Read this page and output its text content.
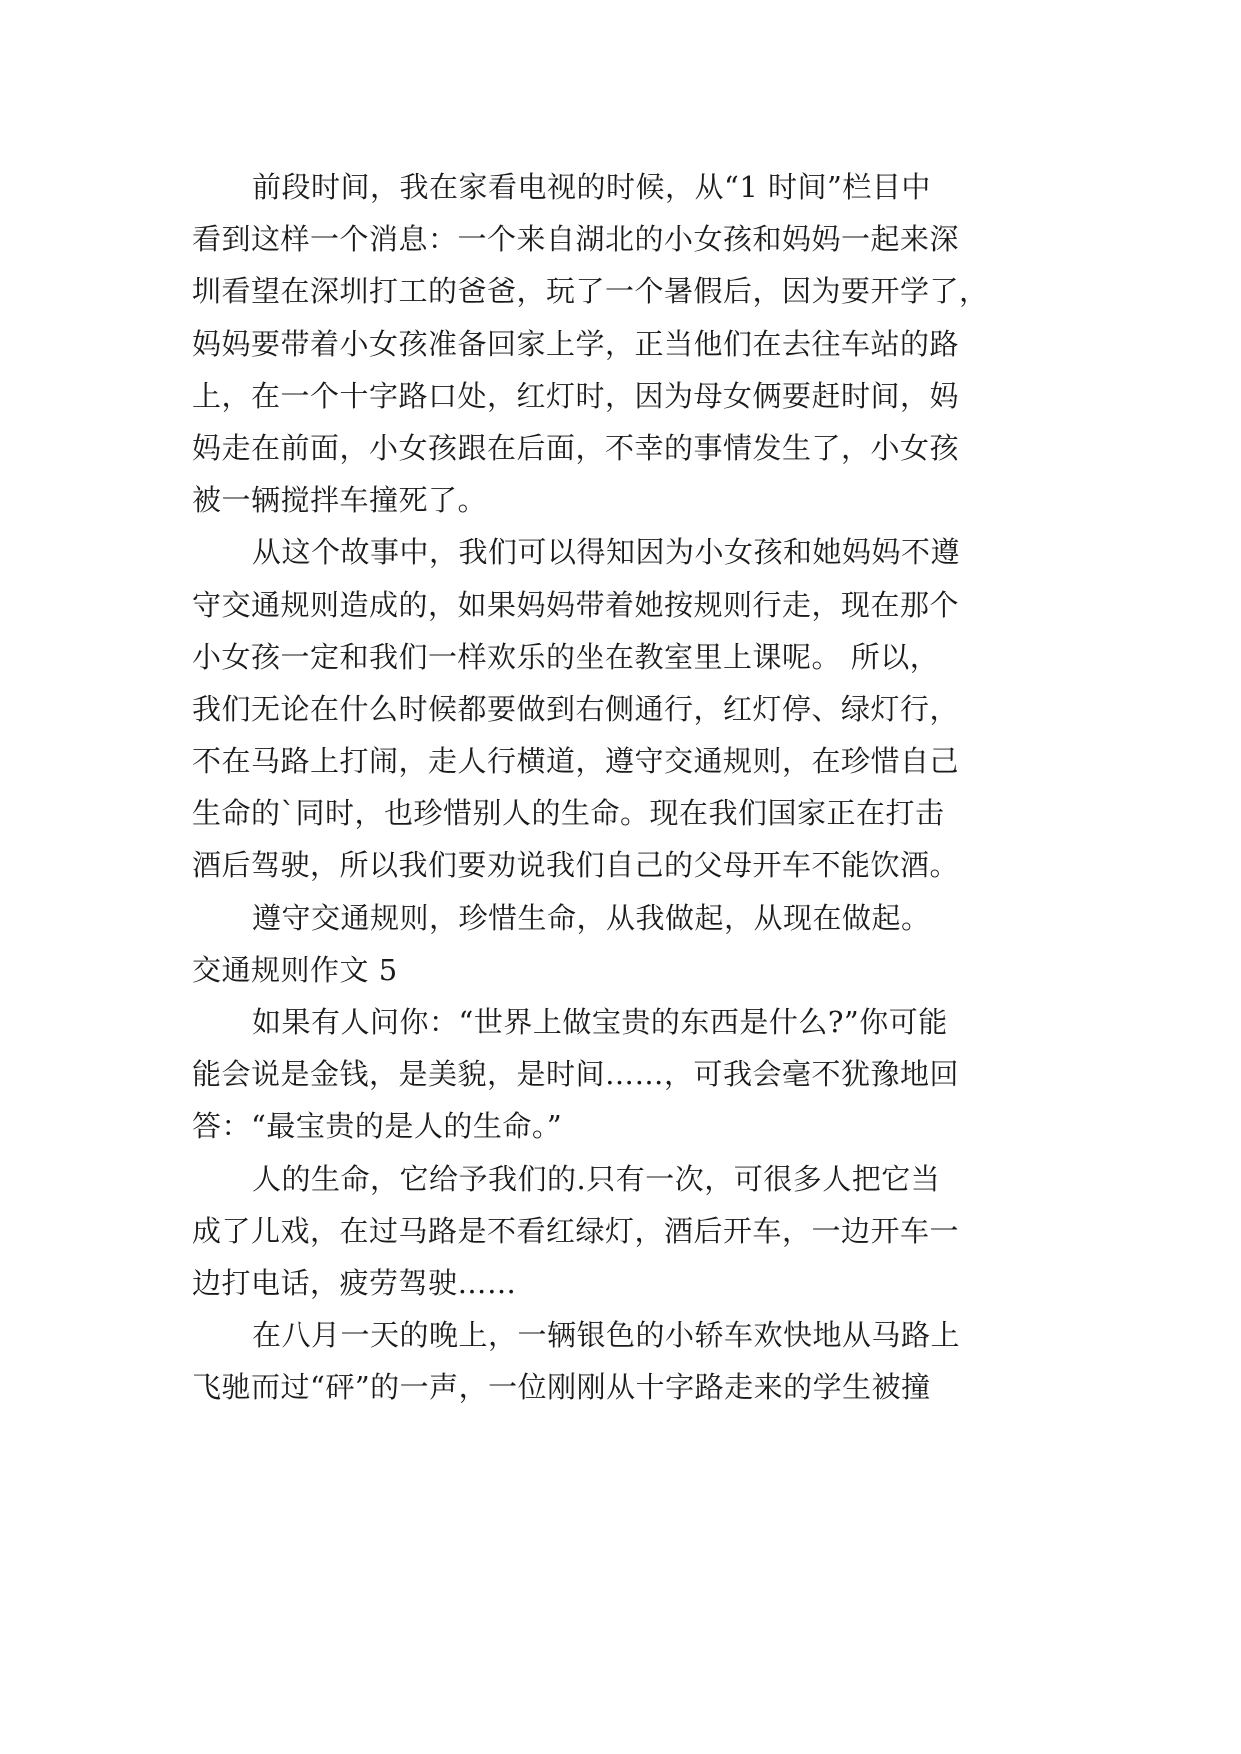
前段时间，我在家看电视的时候，从“1 时间”栏目中
看到这样一个消息：一个来自湖北的小女孩和妈妈一起来深
圳看望在深圳打工的爸爸，玩了一个暑假后，因为要开学了，
妈妈要带着小女孩准备回家上学，正当他们在去往车站的路
上，在一个十字路口处，红灯时，因为母女俩要赶时间，妈
妈走在前面，小女孩跟在后面，不幸的事情发生了，小女孩
被一辆搅拌车撞死了。
从这个故事中，我们可以得知因为小女孩和她妈妈不遵
守交通规则造成的，如果妈妈带着她按规则行走，现在那个
小女孩一定和我们一样欢乐的坐在教室里上课呢。 所以，
我们无论在什么时候都要做到右侧通行，红灯停、绿灯行，
不在马路上打闹，走人行横道，遵守交通规则，在珍惜自己
生命的`同时，也珍惜别人的生命。现在我们国家正在打击
酒后驾驶，所以我们要劝说我们自己的父母开车不能饮酒。
遵守交通规则，珍惜生命，从我做起，从现在做起。
交通规则作文 5
如果有人问你：“世界上做宝贵的东西是什么?”你可能
能会说是金钱，是美貌，是时间……，可我会毫不犹豫地回
答：“最宝贵的是人的生命。”
人的生命，它给予我们的.只有一次，可很多人把它当
成了儿戏，在过马路是不看红绿灯，酒后开车，一边开车一
边打电话，疲劳驾驶……
在八月一天的晚上，一辆银色的小轿车欢快地从马路上
飞驰而过“砰”的一声，一位刚刚从十字路走来的学生被撞
